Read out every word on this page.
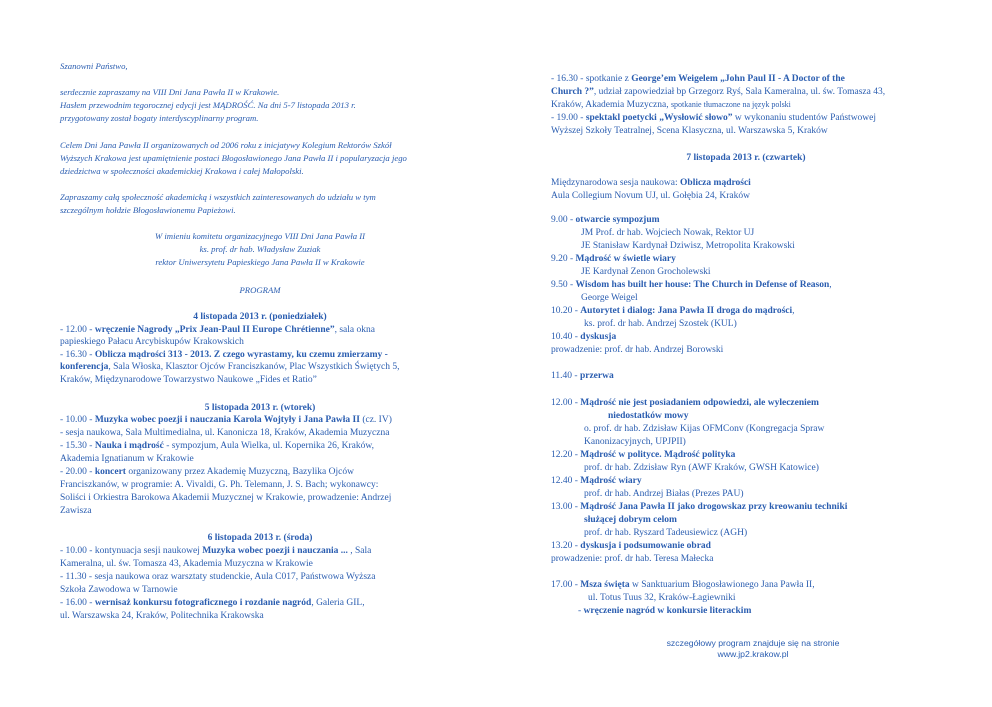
Szanowni Państwo,
serdecznie zapraszamy na VIII Dni Jana Pawła II w Krakowie.
Hasłem przewodnim tegorocznej edycji jest MĄDROŚĆ. Na dni 5-7 listopada 2013 r.
przygotowany został bogaty interdyscyplinarny program.
Celem Dni Jana Pawła II organizowanych od 2006 roku z inicjatywy Kolegium Rektorów Szkół
Wyższych Krakowa jest upamiętnienie postaci Błogosławionego Jana Pawła II i popularyzacja jego
dziedzictwa w społeczności akademickiej Krakowa i całej Małopolski.
Zapraszamy całą społeczność akademicką i wszystkich zainteresowanych do udziału w tym
szczególnym hołdzie Błogosławionemu Papieżowi.
W imieniu komitetu organizacyjnego VIII Dni Jana Pawła II
ks. prof. dr hab. Władysław Zuziak
rektor Uniwersytetu Papieskiego Jana Pawła II w Krakowie
PROGRAM
4 listopada 2013 r. (poniedziałek)
- 12.00 - wręczenie Nagrody „Prix Jean-Paul II Europe Chrétienne”, sala okna
papieskiego Pałacu Arcybiskupów Krakowskich
- 16.30 - Oblicza mądrości 313 - 2013. Z czego wyrastamy, ku czemu zmierzamy -
konferencja, Sala Włoska, Klasztor Ojców Franciszkanów, Plac Wszystkich Świętych 5,
Kraków, Międzynarodowe Towarzystwo Naukowe „Fides et Ratio”
5 listopada 2013 r. (wtorek)
- 10.00 - Muzyka wobec poezji i nauczania Karola Wojtyły i Jana Pawła II (cz. IV)
- sesja naukowa, Sala Multimedialna, ul. Kanonicza 18, Kraków, Akademia Muzyczna
- 15.30 - Nauka i mądrość - sympozjum, Aula Wielka, ul. Kopernika 26, Kraków,
Akademia Ignatianum w Krakowie
- 20.00 - koncert organizowany przez Akademię Muzyczną, Bazylika Ojców
Franciszkanów, w programie: A. Vivaldi, G. Ph. Telemann, J. S. Bach; wykonawcy:
Soliści i Orkiestra Barokowa Akademii Muzycznej w Krakowie, prowadzenie: Andrzej
Zawisza
6 listopada 2013 r. (środa)
- 10.00 - kontynuacja sesji naukowej Muzyka wobec poezji i nauczania ... , Sala
Kameralna, ul. św. Tomasza 43, Akademia Muzyczna w Krakowie
- 11.30 - sesja naukowa oraz warsztaty studenckie, Aula C017, Państwowa Wyższa
Szkoła Zawodowa w Tarnowie
- 16.00 - wernisaż konkursu fotograficznego i rozdanie nagród, Galeria GIL,
ul. Warszawska 24, Kraków, Politechnika Krakowska
- 16.30 - spotkanie z George’em Weigelem „John Paul II - A Doctor of the
Church ?”, udział zapowiedział bp Grzegorz Ryś, Sala Kameralna, ul. św. Tomasza 43,
Kraków, Akademia Muzyczna, spotkanie tłumaczone na język polski
- 19.00 - spektakl poetycki „Wysłowić słowo” w wykonaniu studentów Państwowej
Wyższej Szkoły Teatralnej, Scena Klasyczna, ul. Warszawska 5, Kraków
7 listopada 2013 r. (czwartek)
Międzynarodowa sesja naukowa: Oblicza mądrości
Aula Collegium Novum UJ, ul. Gołębia 24, Kraków
9.00 - otwarcie sympozjum
JM Prof. dr hab. Wojciech Nowak, Rektor UJ
JE Stanisław Kardynał Dziwisz, Metropolita Krakowski
9.20 - Mądrość w świetle wiary
JE Kardynał Zenon Grocholewski
9.50 - Wisdom has built her house: The Church in Defense of Reason,
George Weigel
10.20 - Autorytet i dialog: Jana Pawła II droga do mądrości,
ks. prof. dr hab. Andrzej Szostek (KUL)
10.40 - dyskusja
prowadzenie: prof. dr hab. Andrzej Borowski
11.40 - przerwa
12.00 - Mądrość nie jest posiadaniem odpowiedzi, ale wyleczeniem
niedostatków mowy
o. prof. dr hab. Zdzisław Kijas OFMConv (Kongregacja Spraw
Kanonizacyjnych, UPJPII)
12.20 - Mądrość w polityce. Mądrość polityka
prof. dr hab. Zdzisław Ryn (AWF Kraków, GWSH Katowice)
12.40 - Mądrość wiary
prof. dr hab. Andrzej Białas (Prezes PAU)
13.00 - Mądrość Jana Pawła II jako drogowskaz przy kreowaniu techniki
służącej dobrym celom
prof. dr hab. Ryszard Tadeusiewicz (AGH)
13.20 - dyskusja i podsumowanie obrad
prowadzenie: prof. dr hab. Teresa Małecka
17.00 - Msza święta w Sanktuarium Błogosławionego Jana Pawła II,
ul. Totus Tuus 32, Kraków-Łagiewniki
- wręczenie nagród w konkursie literackim
szczegółowy program znajduje się na stronie
www.jp2.krakow.pl
